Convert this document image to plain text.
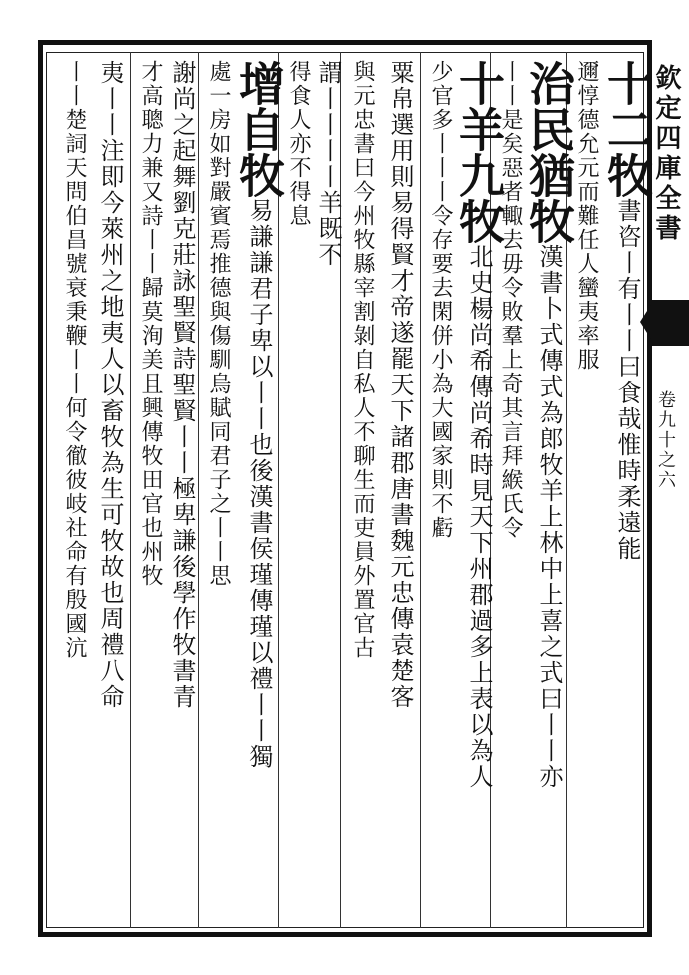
欽定四庫全書
卷九十之六
十二牧書咨丨有丨丨曰食哉惟時柔遠能
邇惇德允元而難任人蠻夷率服
治民猶牧漢書卜式傳式為郎牧羊上林中上喜之式曰丨丨亦
丨丨是矣惡者輙去毋令敗羣上奇其言拜緱氏令
十羊九牧北史楊尚希傳尚希時見天下州郡過多上表以為人
少官多丨丨丨令存要去閑併小為大國家則不虧
粟帛選用則易得賢才帝遂罷天下諸郡唐書魏元忠傳袁楚客
與元忠書曰今州牧縣宰割剝自私人不聊生而吏員外置官古
謂丨丨丨丨羊既不
得食人亦不得息
增自牧易謙謙君子卑以丨丨也後漢書侯瑾傳瑾以禮丨丨獨
處一房如對嚴賓焉推德與傷馴烏賦同君子之丨丨思
謝尚之起舞劉克莊詠聖賢詩聖賢丨丨極卑謙後學作牧書青
才高聰力兼又詩丨丨歸莫洵美且興傳牧田官也州牧
夷丨丨注即今萊州之地夷人以畜牧為生可牧故也周禮八命
丨丨楚詞天問伯昌號衰秉鞭丨丨何令徹彼岐社命有殷國沆
